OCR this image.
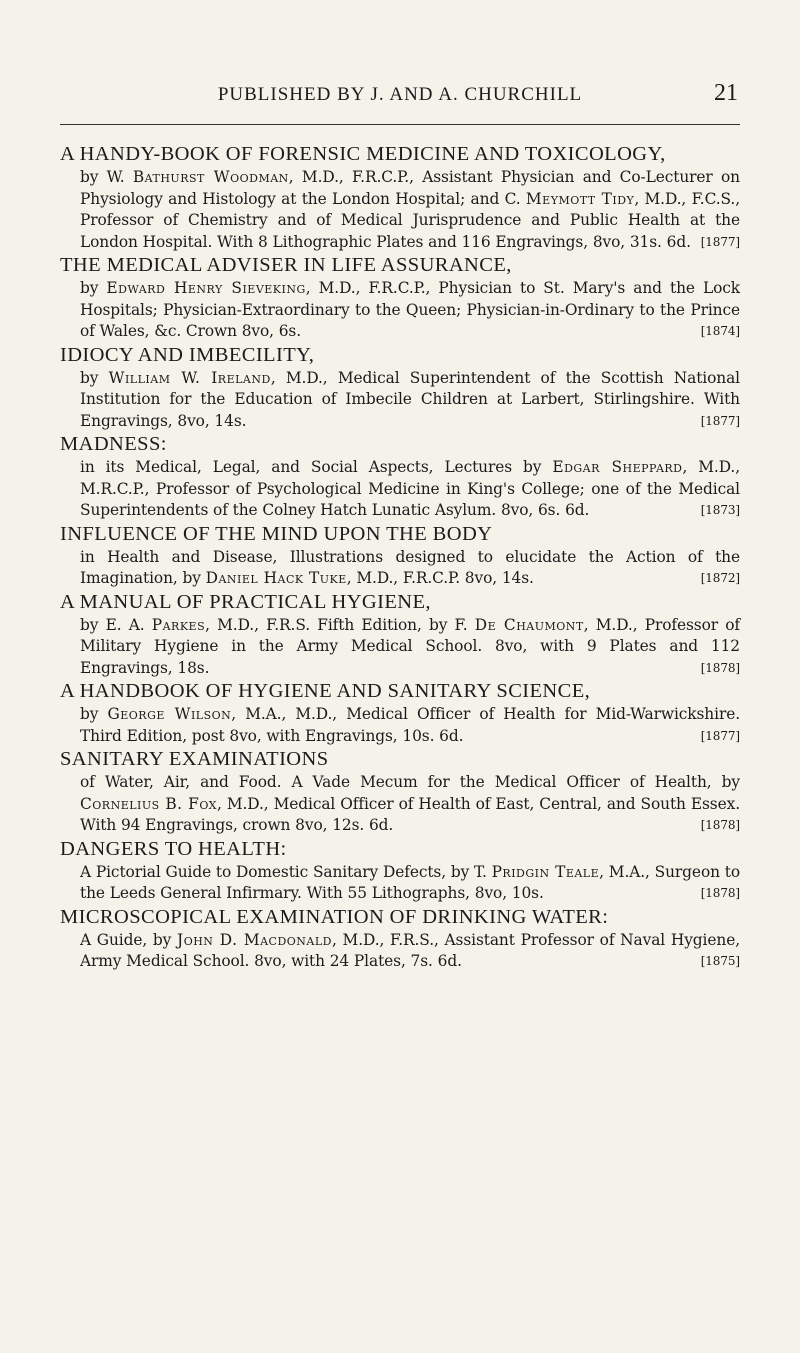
PUBLISHED BY J. AND A. CHURCHILL	21
A HANDY-BOOK OF FORENSIC MEDICINE AND TOXICOLOGY,
by W. Bathurst Woodman, M.D., F.R.C.P., Assistant Physician and Co-Lecturer on Physiology and Histology at the London Hospital; and C. Meymott Tidy, M.D., F.C.S., Professor of Chemistry and of Medical Jurisprudence and Public Health at the London Hospital. With 8 Lithographic Plates and 116 Engravings, 8vo, 31s. 6d. [1877]
THE MEDICAL ADVISER IN LIFE ASSURANCE,
by Edward Henry Sieveking, M.D., F.R.C.P., Physician to St. Mary's and the Lock Hospitals; Physician-Extraordinary to the Queen; Physician-in-Ordinary to the Prince of Wales, &c. Crown 8vo, 6s.	[1874]
IDIOCY AND IMBECILITY,
by William W. Ireland, M.D., Medical Superintendent of the Scottish National Institution for the Education of Imbecile Children at Larbert, Stirlingshire. With Engravings, 8vo, 14s.	[1877]
MADNESS:
in its Medical, Legal, and Social Aspects, Lectures by Edgar Sheppard, M.D., M.R.C.P., Professor of Psychological Medicine in King's College; one of the Medical Superintendents of the Colney Hatch Lunatic Asylum. 8vo, 6s. 6d.	[1873]
INFLUENCE OF THE MIND UPON THE BODY
in Health and Disease, Illustrations designed to elucidate the Action of the Imagination, by Daniel Hack Tuke, M.D., F.R.C.P. 8vo, 14s.	[1872]
A MANUAL OF PRACTICAL HYGIENE,
by E. A. Parkes, M.D., F.R.S. Fifth Edition, by F. De Chaumont, M.D., Professor of Military Hygiene in the Army Medical School. 8vo, with 9 Plates and 112 Engravings, 18s.	[1878]
A HANDBOOK OF HYGIENE AND SANITARY SCIENCE,
by George Wilson, M.A., M.D., Medical Officer of Health for Mid-Warwickshire. Third Edition, post 8vo, with Engravings, 10s. 6d.	[1877]
SANITARY EXAMINATIONS
of Water, Air, and Food. A Vade Mecum for the Medical Officer of Health, by Cornelius B. Fox, M.D., Medical Officer of Health of East, Central, and South Essex. With 94 Engravings, crown 8vo, 12s. 6d.	[1878]
DANGERS TO HEALTH:
A Pictorial Guide to Domestic Sanitary Defects, by T. Pridgin Teale, M.A., Surgeon to the Leeds General Infirmary. With 55 Lithographs, 8vo, 10s.	[1878]
MICROSCOPICAL EXAMINATION OF DRINKING WATER:
A Guide, by John D. Macdonald, M.D., F.R.S., Assistant Professor of Naval Hygiene, Army Medical School. 8vo, with 24 Plates, 7s. 6d.	[1875]
